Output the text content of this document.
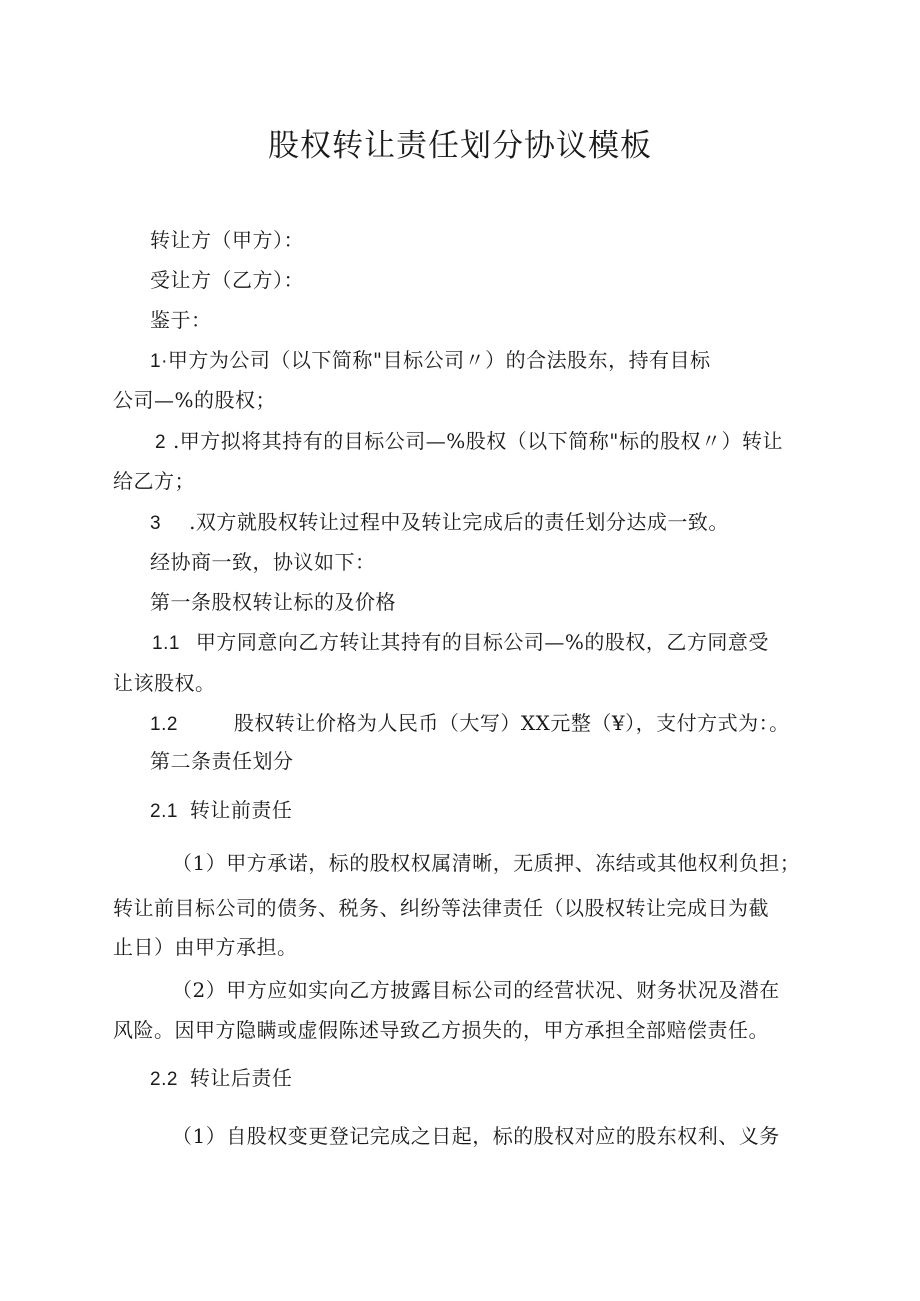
股权转让责任划分协议模板
转让方（甲方）：
受让方（乙方）：
鉴于：
1·甲方为公司（以下简称"目标公司〃）的合法股东，持有目标
公司—%的股权；
2 .甲方拟将其持有的目标公司—%股权（以下简称"标的股权〃）转让
给乙方；
3 .双方就股权转让过程中及转让完成后的责任划分达成一致。
经协商一致，协议如下：
第一条股权转让标的及价格
1.1 甲方同意向乙方转让其持有的目标公司—%的股权，乙方同意受
让该股权。
1.2	股权转让价格为人民币（大写）XX元整（¥），支付方式为：。
第二条责任划分
2.1 转让前责任
（1）甲方承诺，标的股权权属清晰，无质押、冻结或其他权利负担；
转让前目标公司的债务、税务、纠纷等法律责任（以股权转让完成日为截
止日）由甲方承担。
（2）甲方应如实向乙方披露目标公司的经营状况、财务状况及潜在
风险。因甲方隐瞒或虚假陈述导致乙方损失的，甲方承担全部赔偿责任。
2.2 转让后责任
（1）自股权变更登记完成之日起，标的股权对应的股东权利、义务
